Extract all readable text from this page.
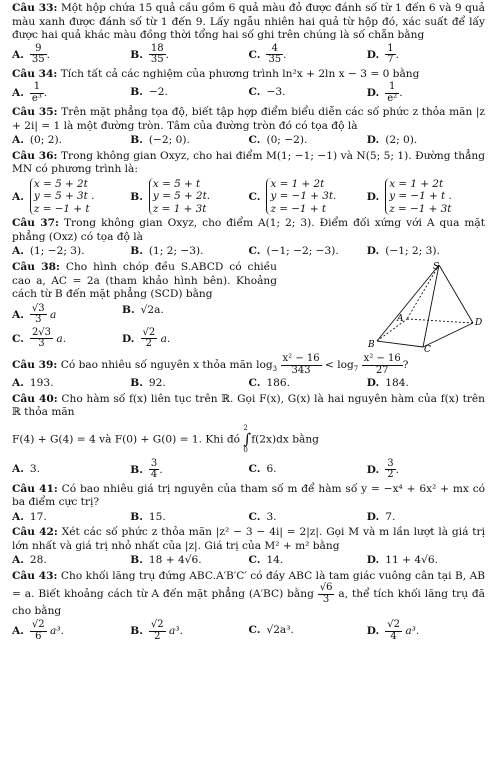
Câu 33: Một hộp chứa 15 quả cầu gồm 6 quả màu đỏ được đánh số từ 1 đến 6 và 9 quả màu xanh được đánh số từ 1 đến 9. Lấy ngẫu nhiên hai quả từ hộp đó, xác suất để lấy được hai quả khác màu đồng thời tổng hai số ghi trên chúng là số chẵn bằng
A. $\frac{9}{35}$ .	B. $\frac{18}{35}$ .	C. $\frac{4}{35}$ .	D. $\frac{1}{7}$ .
Câu 34: Tích tất cả các nghiệm của phương trình ln²x + 2ln x − 3 = 0 bằng
A. $\frac{1}{\text{e³}}$ .	B. −2.	C. −3.	D. $\frac{1}{\text{e²}}$ .
Câu 35: Trên mặt phẳng tọa độ, biết tập hợp điểm biểu diễn các số phức z thỏa mãn |z + 2i| = 1 là một đường tròn. Tâm của đường tròn đó có tọa độ là
A. (0; 2).	B. (−2; 0).	C. (0; −2).	D. (2; 0).
Câu 36: Trong không gian Oxyz, cho hai điểm M(1; −1; −1) và N(5; 5; 1). Đường thẳng MN có phương trình là:
A.
x = 5 + 2t
y = 5 + 3t .
z = −1 + t
B.
x = 5 + t
y = 5 + 2t.
z = 1 + 3t
C.
x = 1 + 2t
y = −1 + 3t.
z = −1 + t
D.
x = 1 + 2t
y = −1 + t .
z = −1 + 3t
Câu 37: Trong không gian Oxyz, cho điểm A(1; 2; 3). Điểm đối xứng với A qua mặt phẳng (Oxz) có tọa độ là
A. (1; −2; 3).	B. (1; 2; −3).	C. (−1; −2; −3).	D. (−1; 2; 3).
Câu 38: Cho hình chóp đều S.ABCD có chiều cao a, AC = 2a (tham khảo hình bên). Khoảng cách từ B đến mặt phẳng (SCD) bằng
A. $\frac{√3}{3}$ a	B. √2a.
C. $\frac{2√3}{3} a$.	D. $\frac{√2}{2} a$.
S
A
B	C
D
Câu 39: Có bao nhiêu số nguyên x thỏa mãn $\log_3 \frac{\text{x² − 16}}{343} < \log_7 \frac{\text{x² − 16}}{27}$ ?
A. 193.	B. 92.	C. 186.	D. 184.
Câu 40: Cho hàm số f(x) liên tục trên ℝ. Gọi F(x), G(x) là hai nguyên hàm của f(x) trên ℝ thỏa mãn
F(4) + G(4) = 4 và F(0) + G(0) = 1. Khi đó
2
∫
0
f(2x)dx bằng
A. 3.	B. $\frac{3}{4}$ .	C. 6.	D. $\frac{3}{2}$ .
Câu 41: Có bao nhiêu giá trị nguyên của tham số m để hàm số y = −x⁴ + 6x² + mx có ba điểm cực trị?
A. 17.	B. 15.	C. 3.	D. 7.
Câu 42: Xét các số phức z thỏa mãn |z² − 3 − 4i| = 2|z|. Gọi M và m lần lượt là giá trị lớn nhất và giá trị nhỏ nhất của |z|. Giá trị của M² + m² bằng
A. 28.	B. 18 + 4√6.	C. 14.	D. 11 + 4√6.
Câu 43: Cho khối lăng trụ đứng ABC.A′B′C′ có đáy ABC là tam giác vuông cân tại B, AB = a. Biết khoảng cách từ A đến mặt phẳng (A′BC) bằng $\frac{√6}{3} a$, thể tích khối lăng trụ đã cho bằng
A. $\frac{√2}{6} a^3$.	B. $\frac{√2}{2} a^3$.	C. √2a³.	D. $\frac{√2}{4} a^3$.
